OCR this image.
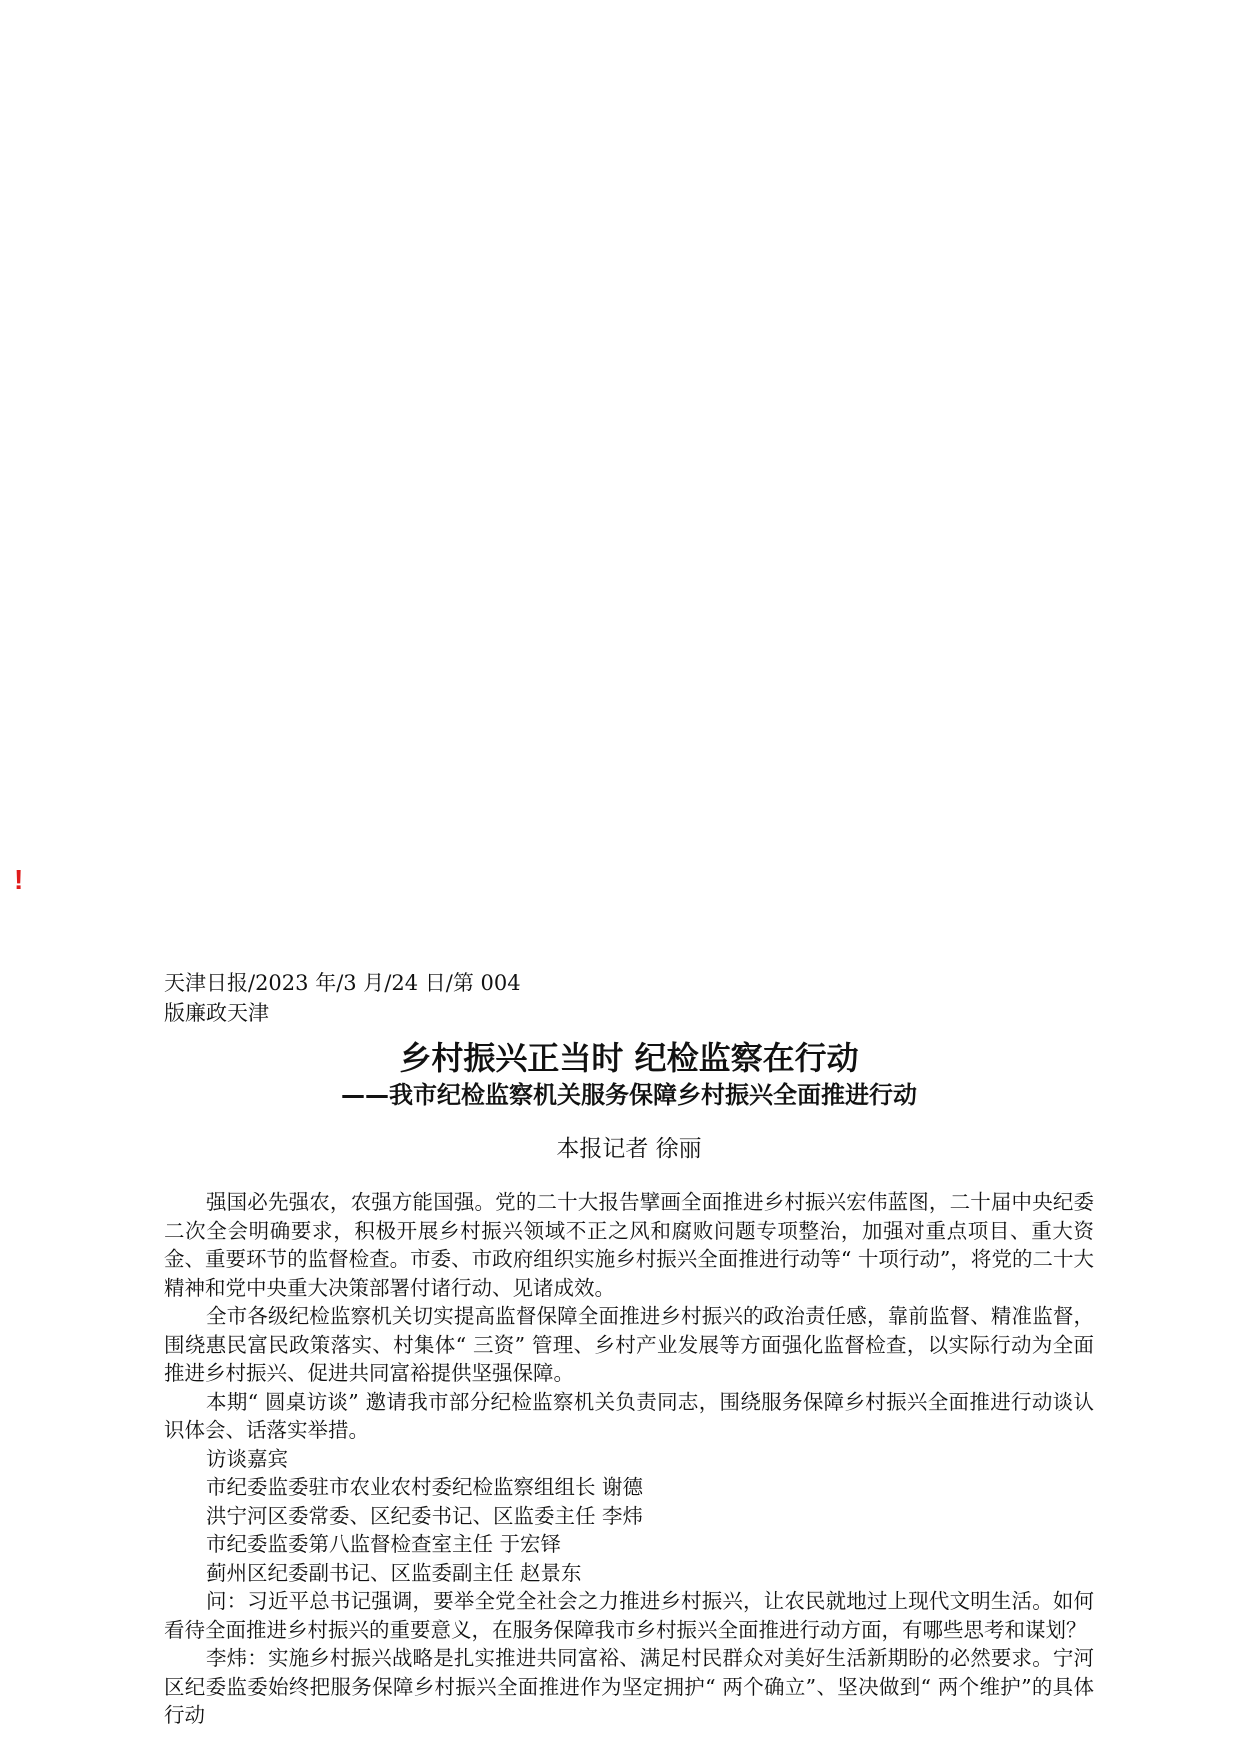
!

天津日报/2023 年/3 月/24 日/第 004

版廉政天津

乡村振兴正当时 纪检监察在行动
——我市纪检监察机关服务保障乡村振兴全面推进行动
本报记者 徐丽

强国必先强农，农强方能国强。党的二十大报告擘画全面推进乡村振兴宏伟蓝图，二十届中央纪委二次全会明确要求，积极开展乡村振兴领域不正之风和腐败问题专项整治，加强对重点项目、重大资金、重要环节的监督检查。市委、市政府组织实施乡村振兴全面推进行动等“ 十项行动”，将党的二十大精神和党中央重大决策部署付诸行动、见诸成效。

全市各级纪检监察机关切实提高监督保障全面推进乡村振兴的政治责任感，靠前监督、精准监督，围绕惠民富民政策落实、村集体“ 三资” 管理、乡村产业发展等方面强化监督检查，以实际行动为全面推进乡村振兴、促进共同富裕提供坚强保障。

本期“ 圆桌访谈” 邀请我市部分纪检监察机关负责同志，围绕服务保障乡村振兴全面推进行动谈认识体会、话落实举措。

访谈嘉宾

市纪委监委驻市农业农村委纪检监察组组长 谢德

洪宁河区委常委、区纪委书记、区监委主任 李炜

市纪委监委第八监督检查室主任 于宏铎

蓟州区纪委副书记、区监委副主任 赵景东

问：习近平总书记强调，要举全党全社会之力推进乡村振兴，让农民就地过上现代文明生活。如何看待全面推进乡村振兴的重要意义，在服务保障我市乡村振兴全面推进行动方面，有哪些思考和谋划？

李炜：实施乡村振兴战略是扎实推进共同富裕、满足村民群众对美好生活新期盼的必然要求。宁河区纪委监委始终把服务保障乡村振兴全面推进作为坚定拥护“ 两个确立”、坚决做到“ 两个维护”的具体行动
